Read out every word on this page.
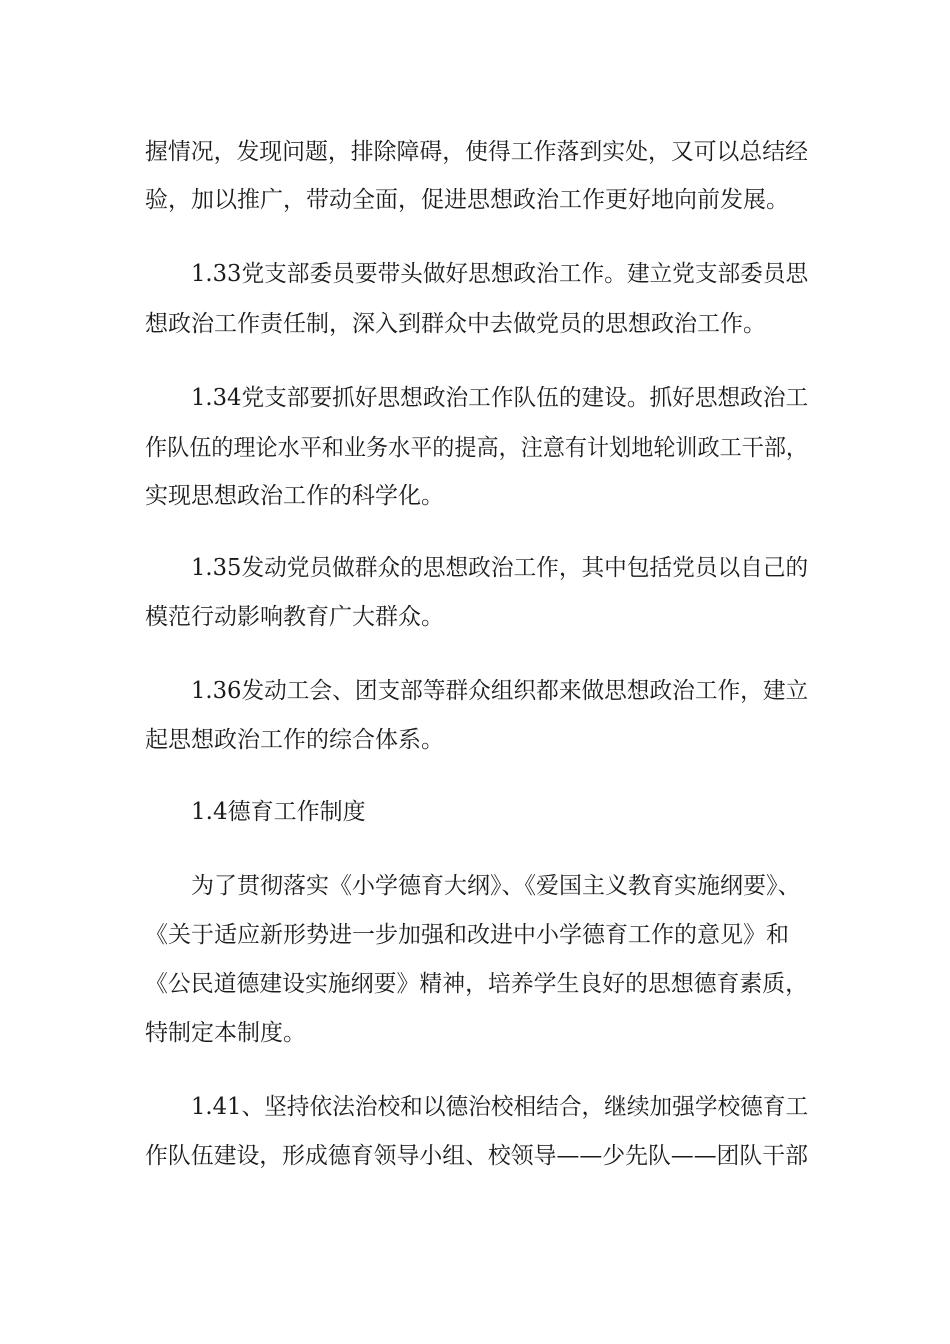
握情况，发现问题，排除障碍，使得工作落到实处，又可以总结经
验，加以推广，带动全面，促进思想政治工作更好地向前发展。
1.33党支部委员要带头做好思想政治工作。建立党支部委员思
想政治工作责任制，深入到群众中去做党员的思想政治工作。
1.34党支部要抓好思想政治工作队伍的建设。抓好思想政治工
作队伍的理论水平和业务水平的提高，注意有计划地轮训政工干部，
实现思想政治工作的科学化。
1.35发动党员做群众的思想政治工作，其中包括党员以自己的
模范行动影响教育广大群众。
1.36发动工会、团支部等群众组织都来做思想政治工作，建立
起思想政治工作的综合体系。
1.4德育工作制度
为了贯彻落实《小学德育大纲》、《爱国主义教育实施纲要》、
《关于适应新形势进一步加强和改进中小学德育工作的意见》和
《公民道德建设实施纲要》精神，培养学生良好的思想德育素质，
特制定本制度。
1.41、坚持依法治校和以德治校相结合，继续加强学校德育工
作队伍建设，形成德育领导小组、校领导——少先队——团队干部
